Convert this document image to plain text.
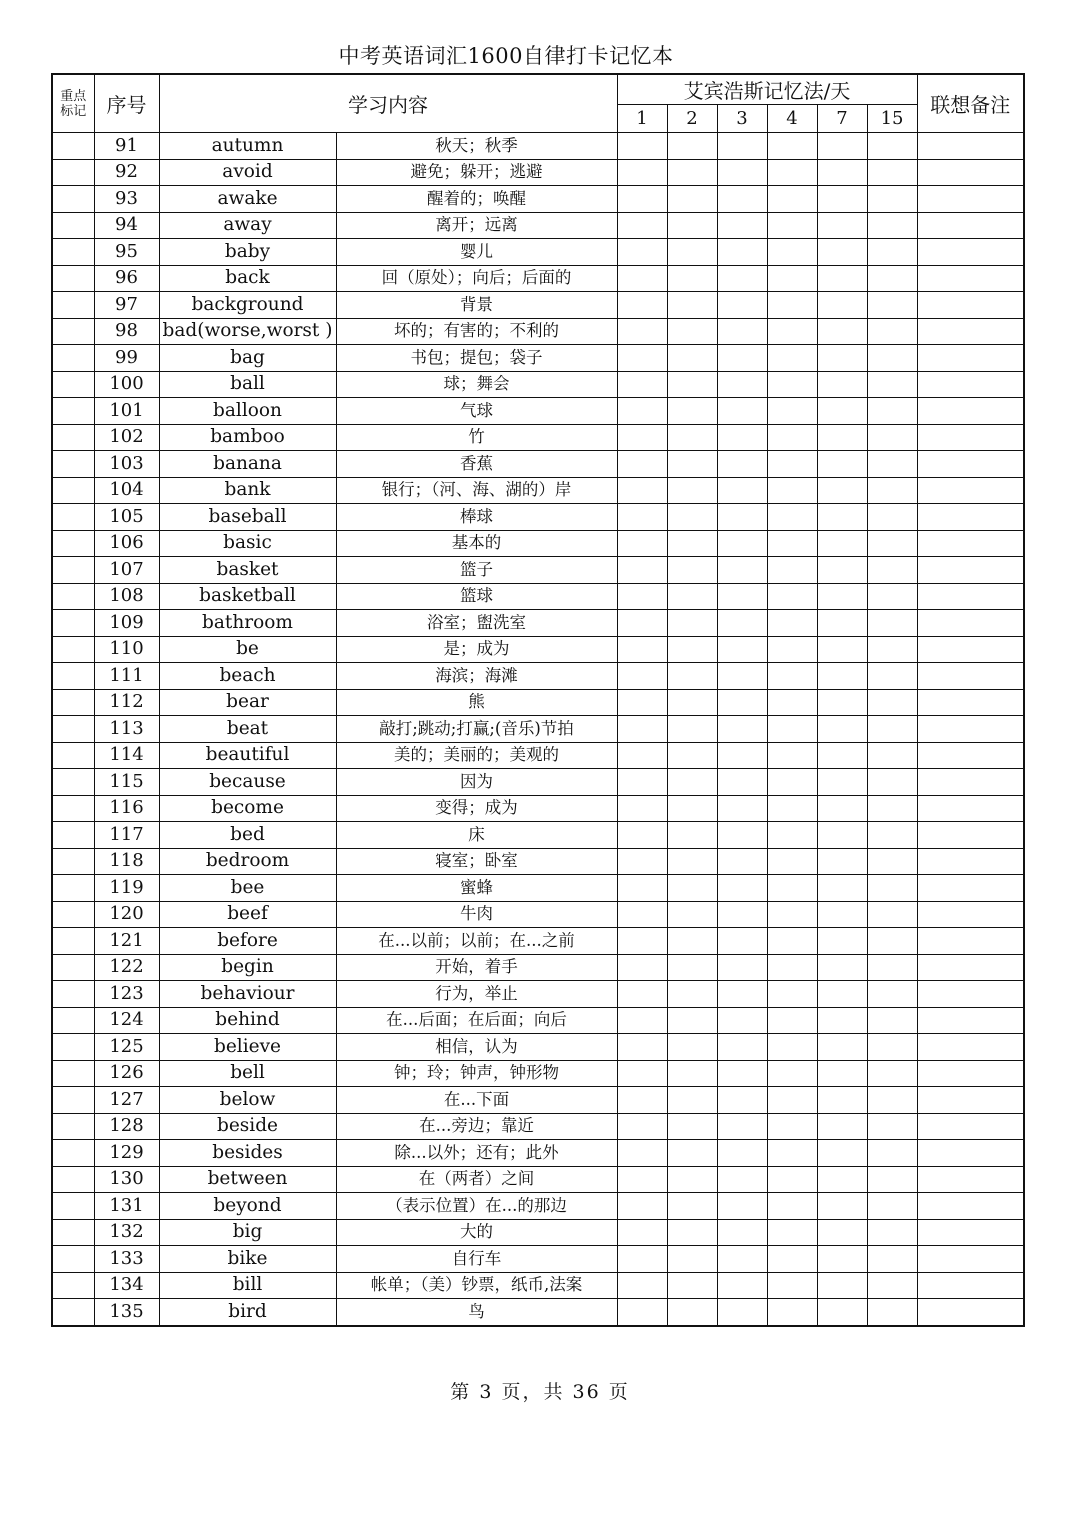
中考英语词汇1600自律打卡记忆本
重点
标记	序号	学习内容		艾宾浩斯记忆法/天						联想备注
				1	2	3	4	7	15	
	91	autumn	秋天；秋季							
	92	avoid	避免；躲开；逃避							
	93	awake	醒着的；唤醒							
	94	away	离开；远离							
	95	baby	婴儿							
	96	back	回（原处）；向后；后面的							
	97	background	背景							
	98	bad(worse,worst )	坏的；有害的；不利的							
	99	bag	书包；提包；袋子							
	100	ball	球；舞会							
	101	balloon	气球							
	102	bamboo	竹							
	103	banana	香蕉							
	104	bank	银行；（河、海、湖的）岸							
	105	baseball	棒球							
	106	basic	基本的							
	107	basket	篮子							
	108	basketball	篮球							
	109	bathroom	浴室；盥洗室							
	110	be	是；成为							
	111	beach	海滨；海滩							
	112	bear	熊							
	113	beat	敲打;跳动;打赢;(音乐)节拍							
	114	beautiful	美的；美丽的；美观的							
	115	because	因为							
	116	become	变得；成为							
	117	bed	床							
	118	bedroom	寝室；卧室							
	119	bee	蜜蜂							
	120	beef	牛肉							
	121	before	在...以前；以前；在...之前							
	122	begin	开始，着手							
	123	behaviour	行为，举止							
	124	behind	在...后面；在后面；向后							
	125	believe	相信，认为							
	126	bell	钟；玲；钟声，钟形物							
	127	below	在...下面							
	128	beside	在...旁边；靠近							
	129	besides	除...以外；还有；此外							
	130	between	在（两者）之间							
	131	beyond	（表示位置）在...的那边							
	132	big	大的							
	133	bike	自行车							
	134	bill	帐单；（美）钞票，纸币,法案							
	135	bird	鸟							
第 3 页，共 36 页
